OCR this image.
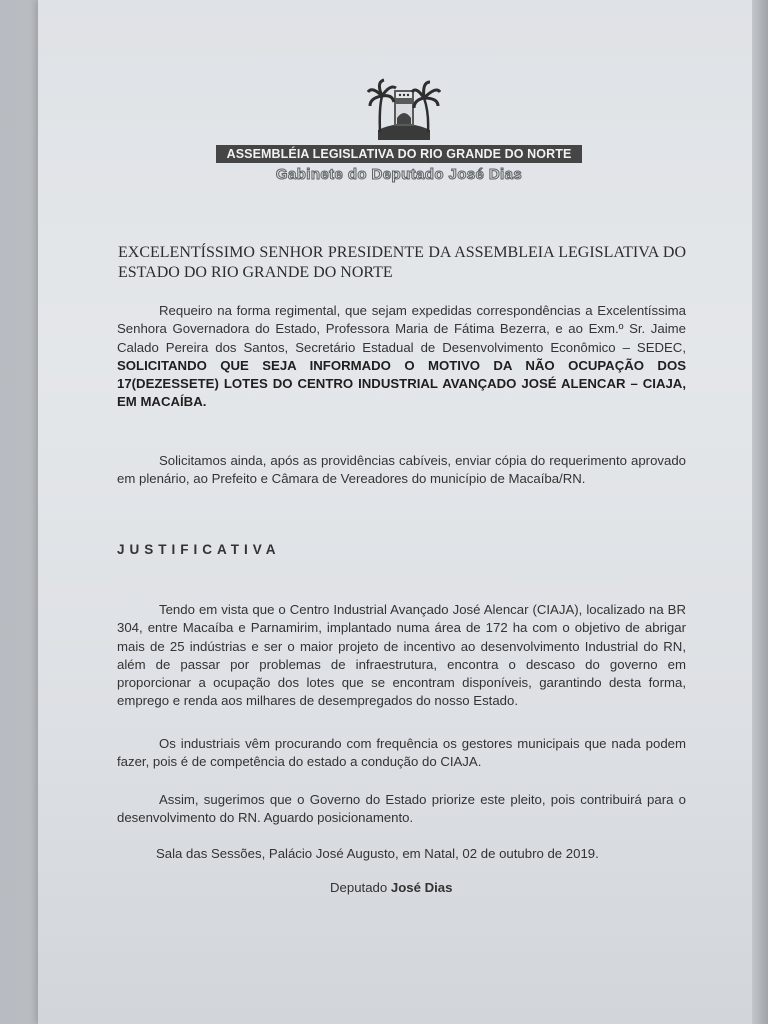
ASSEMBLÉIA LEGISLATIVA DO RIO GRANDE DO NORTE
Gabinete do Deputado José Dias
EXCELENTÍSSIMO SENHOR PRESIDENTE DA ASSEMBLEIA LEGISLATIVA DO ESTADO DO RIO GRANDE DO NORTE
Requeiro na forma regimental, que sejam expedidas correspondências a Excelentíssima Senhora Governadora do Estado, Professora Maria de Fátima Bezerra, e ao Exm.º Sr. Jaime Calado Pereira dos Santos, Secretário Estadual de Desenvolvimento Econômico – SEDEC, SOLICITANDO QUE SEJA INFORMADO O MOTIVO DA NÃO OCUPAÇÃO DOS 17(DEZESSETE) LOTES DO CENTRO INDUSTRIAL AVANÇADO JOSÉ ALENCAR – CIAJA, EM MACAÍBA.
Solicitamos ainda, após as providências cabíveis, enviar cópia do requerimento aprovado em plenário, ao Prefeito e Câmara de Vereadores do município de Macaíba/RN.
JUSTIFICATIVA
Tendo em vista que o Centro Industrial Avançado José Alencar (CIAJA), localizado na BR 304, entre Macaíba e Parnamirim, implantado numa área de 172 ha com o objetivo de abrigar mais de 25 indústrias e ser o maior projeto de incentivo ao desenvolvimento Industrial do RN, além de passar por problemas de infraestrutura, encontra o descaso do governo em proporcionar a ocupação dos lotes que se encontram disponíveis, garantindo desta forma, emprego e renda aos milhares de desempregados do nosso Estado.
Os industriais vêm procurando com frequência os gestores municipais que nada podem fazer, pois é de competência do estado a condução do CIAJA.
Assim, sugerimos que o Governo do Estado priorize este pleito, pois contribuirá para o desenvolvimento do RN. Aguardo posicionamento.
Sala das Sessões, Palácio José Augusto, em Natal, 02 de outubro de 2019.
Deputado José Dias
